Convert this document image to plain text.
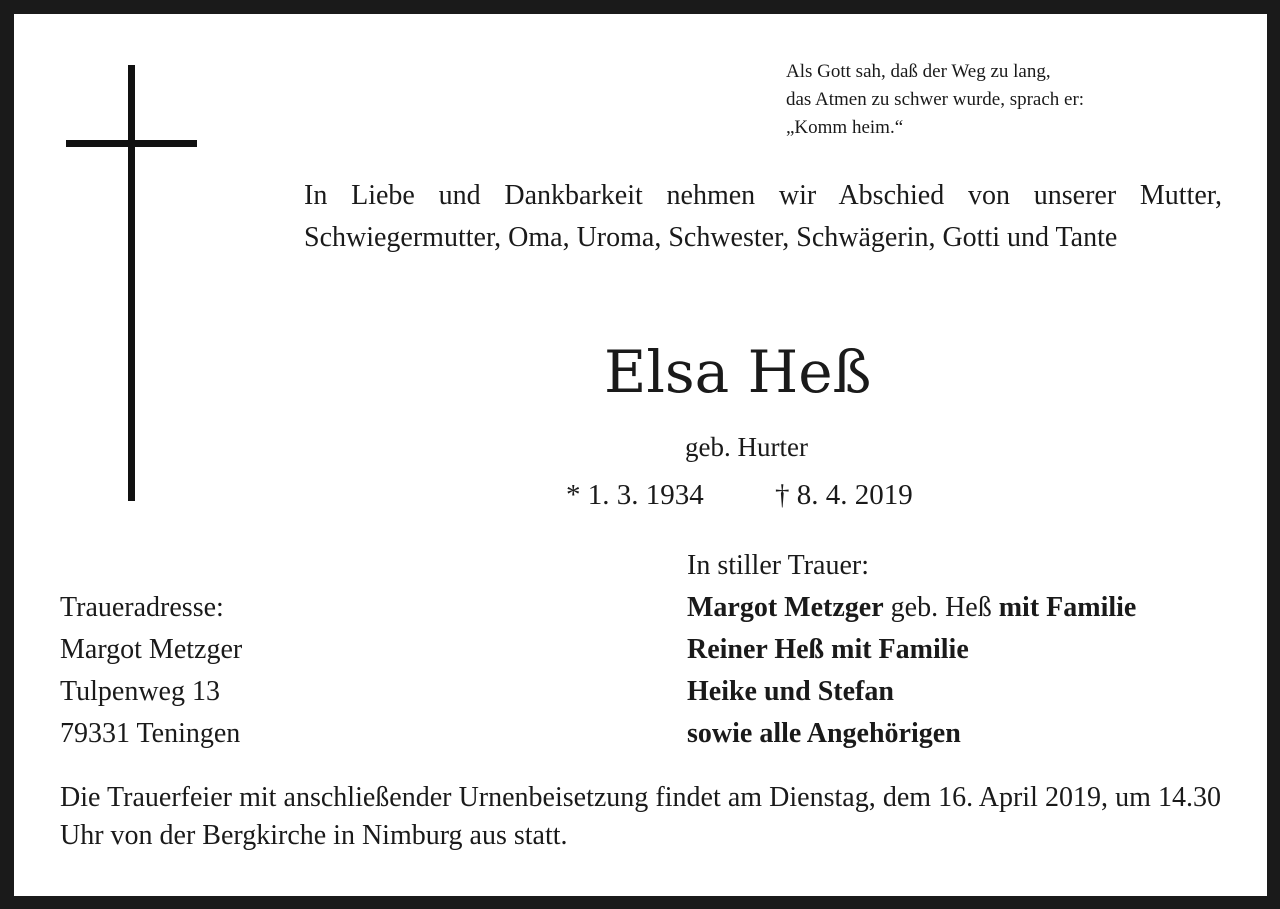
Als Gott sah, daß der Weg zu lang,
das Atmen zu schwer wurde, sprach er:
„Komm heim.“

In Liebe und Dankbarkeit nehmen wir Abschied von unserer Mutter, Schwiegermutter, Oma, Uroma, Schwester, Schwägerin, Gotti und Tante

Elsa Heß
geb. Hurter
* 1. 3. 1934 † 8. 4. 2019
Traueradresse:
Margot Metzger
Tulpenweg 13
79331 Teningen
In stiller Trauer:
Margot Metzger geb. Heß mit Familie
Reiner Heß mit Familie
Heike und Stefan
sowie alle Angehörigen

Die Trauerfeier mit anschließender Urnenbeisetzung findet am Dienstag, dem 16. April 2019, um 14.30 Uhr von der Bergkirche in Nimburg aus statt.
